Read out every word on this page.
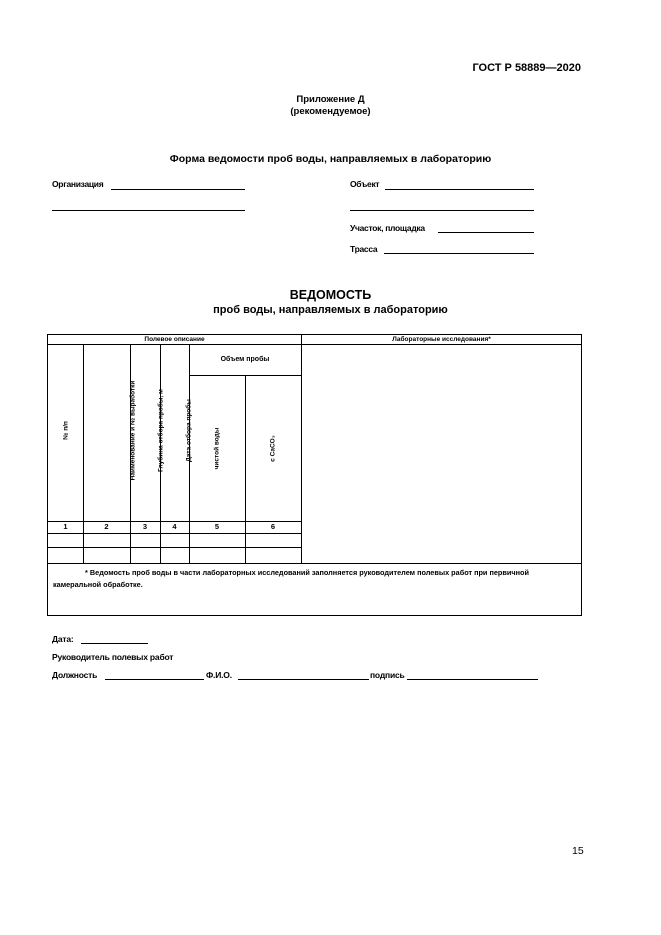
ГОСТ Р 58889—2020
Приложение Д
(рекомендуемое)
Форма ведомости проб воды, направляемых в лабораторию
Организация	Объект
Участок, площадка
Трасса
ВЕДОМОСТЬ
проб воды, направляемых в лабораторию
Полевое описание	Лабораторные исследования*
Объем пробы
№ п/п	Наименование и № выработки	Глубина отбора пробы, м	Дата отбора пробы	чистой воды	с CaCO₃
1	2	3	4	5	6
* Ведомость проб воды в части лабораторных исследований заполняется руководителем полевых работ при первичной камеральной обработке.
Дата:
Руководитель полевых работ
Должность	Ф.И.О.	подпись
15
